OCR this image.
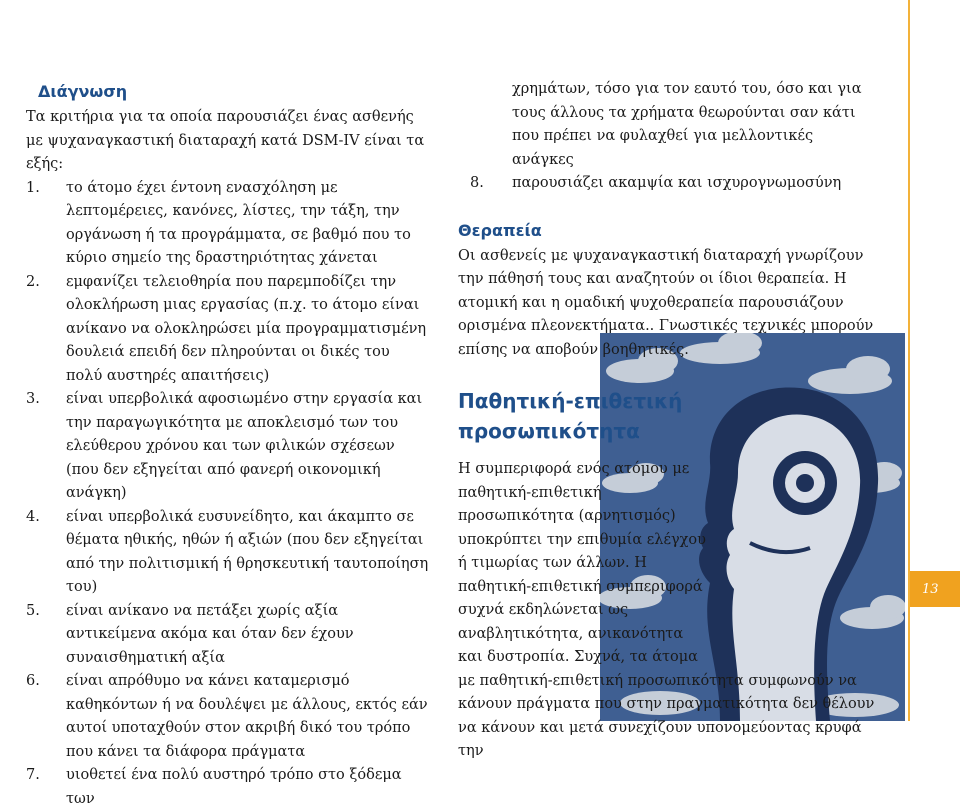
Διάγνωση

Τα κριτήρια για τα οποία παρουσιάζει ένας ασθενής με ψυχαναγκαστική διαταραχή κατά DSM-IV είναι τα εξής:

1.	το άτομο έχει έντονη ενασχόληση με λεπτομέρειες, κανόνες, λίστες, την τάξη, την οργάνωση ή τα προγράμματα, σε βαθμό που το κύριο σημείο της δραστηριότητας χάνεται
2.	εμφανίζει τελειοθηρία που παρεμποδίζει την ολοκλήρωση μιας εργασίας (π.χ. το άτομο είναι ανίκανο να ολοκληρώσει μία προγραμματισμένη δουλειά επειδή δεν πληρούνται οι δικές του πολύ αυστηρές απαιτήσεις)
3.	είναι υπερβολικά αφοσιωμένο στην εργασία και την παραγωγικότητα με αποκλεισμό των του ελεύθερου χρόνου και των φιλικών σχέσεων (που δεν εξηγείται από φανερή οικονομική ανάγκη)
4.	είναι υπερβολικά ευσυνείδητο, και άκαμπτο σε θέματα ηθικής, ηθών ή αξιών (που δεν εξηγείται από την πολιτισμική ή θρησκευτική ταυτοποίηση του)
5.	είναι ανίκανο να πετάξει χωρίς αξία αντικείμενα ακόμα και όταν δεν έχουν συναισθηματική αξία
6.	είναι απρόθυμο να κάνει καταμερισμό καθηκόντων ή να δουλέψει με άλλους, εκτός εάν αυτοί υποταχθούν στον ακριβή δικό του τρόπο που κάνει τα διάφορα πράγματα
7.	υιοθετεί ένα πολύ αυστηρό τρόπο στο ξόδεμα των

χρημάτων, τόσο για τον εαυτό του, όσο και για τους άλλους τα χρήματα θεωρούνται σαν κάτι που πρέπει να φυλαχθεί για μελλοντικές ανάγκες

8. παρουσιάζει ακαμψία και ισχυρογνωμοσύνη

Θεραπεία

Οι ασθενείς με ψυχαναγκαστική διαταραχή γνωρίζουν την πάθησή τους και αναζητούν οι ίδιοι θεραπεία. Η ατομική και η ομαδική ψυχοθεραπεία παρουσιάζουν ορισμένα πλεονεκτήματα.. Γνωστικές τεχνικές μπορούν επίσης να αποβούν βοηθητικές.

Παθητική-επιθετική προσωπικότητα

Η συμπεριφορά ενός ατόμου με παθητική-επιθετική προσωπικότητα (αρνητισμός) υποκρύπτει την επιθυμία ελέγχου ή τιμωρίας των άλλων. Η παθητική-επιθετική συμπεριφορά συχνά εκδηλώνεται ως αναβλητικότητα, ανικανότητα και δυστροπία. Συχνά, τα άτομα

με παθητική-επιθετική προσωπικότητα συμφωνούν να κάνουν πράγματα που στην πραγματικότητα δεν θέλουν να κάνουν και μετά συνεχίζουν υπονομεύοντας κρυφά την

13
